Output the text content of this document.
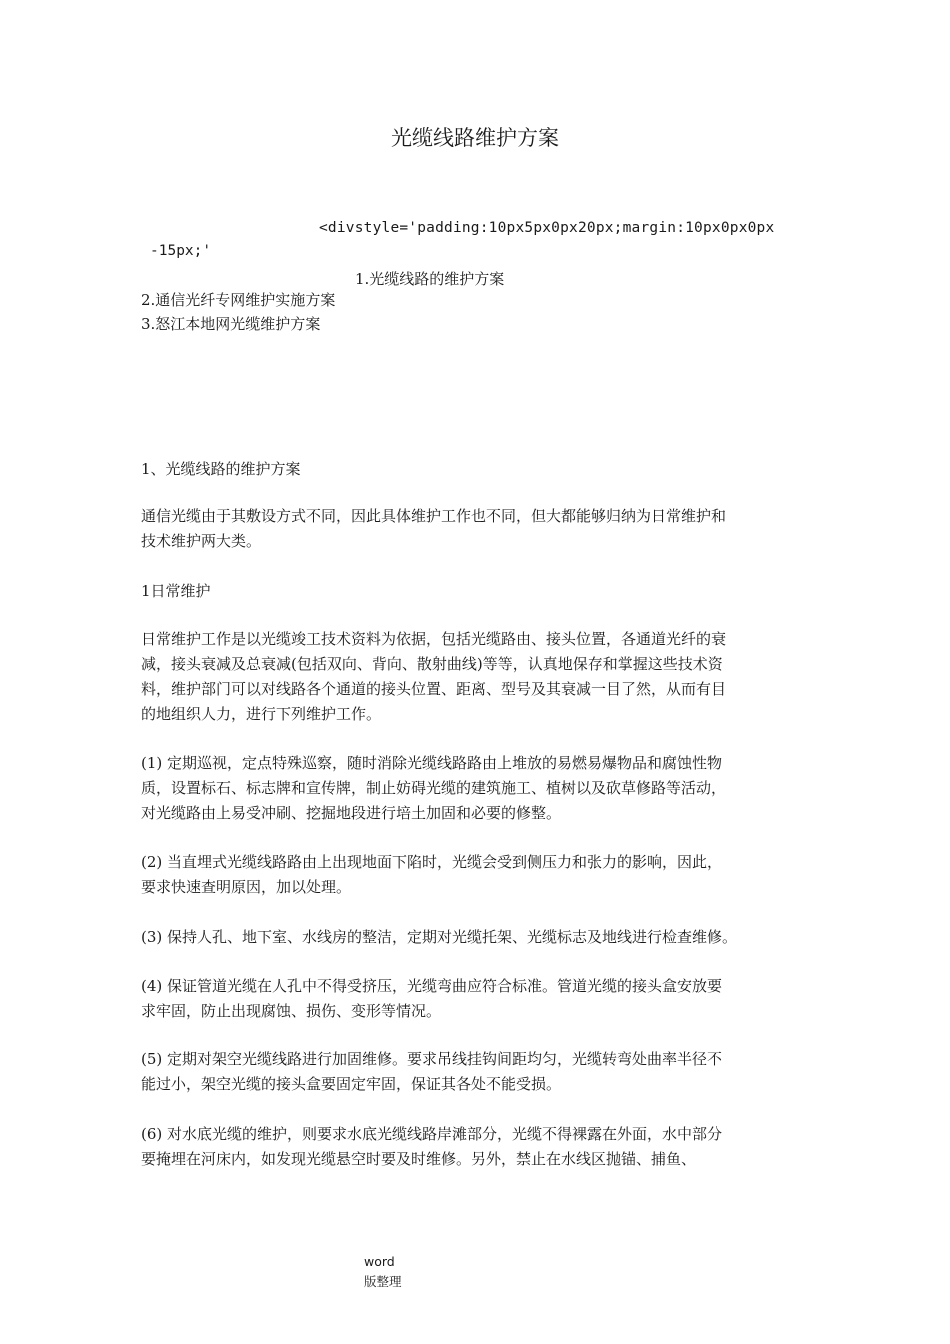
光缆线路维护方案
<divstyle='padding:10px5px0px20px;margin:10px0px0px
-15px;'
1.光缆线路的维护方案
2.通信光纤专网维护实施方案
3.怒江本地网光缆维护方案
1、光缆线路的维护方案
通信光缆由于其敷设方式不同，因此具体维护工作也不同，但大都能够归纳为日常维护和
技术维护两大类。
1日常维护
日常维护工作是以光缆竣工技术资料为依据，包括光缆路由、接头位置，各通道光纤的衰
减，接头衰减及总衰减(包括双向、背向、散射曲线)等等，认真地保存和掌握这些技术资
料，维护部门可以对线路各个通道的接头位置、距离、型号及其衰减一目了然，从而有目
的地组织人力，进行下列维护工作。
(1) 定期巡视，定点特殊巡察，随时消除光缆线路路由上堆放的易燃易爆物品和腐蚀性物
质，设置标石、标志牌和宣传牌，制止妨碍光缆的建筑施工、植树以及砍草修路等活动，
对光缆路由上易受冲刷、挖掘地段进行培土加固和必要的修整。
(2) 当直埋式光缆线路路由上出现地面下陷时，光缆会受到侧压力和张力的影响，因此，
要求快速查明原因，加以处理。
(3) 保持人孔、地下室、水线房的整洁，定期对光缆托架、光缆标志及地线进行检查维修。
(4) 保证管道光缆在人孔中不得受挤压，光缆弯曲应符合标准。管道光缆的接头盒安放要
求牢固，防止出现腐蚀、损伤、变形等情况。
(5) 定期对架空光缆线路进行加固维修。要求吊线挂钩间距均匀，光缆转弯处曲率半径不
能过小，架空光缆的接头盒要固定牢固，保证其各处不能受损。
(6) 对水底光缆的维护，则要求水底光缆线路岸滩部分，光缆不得裸露在外面，水中部分
要掩埋在河床内，如发现光缆悬空时要及时维修。另外，禁止在水线区抛锚、捕鱼、
word
版整理
